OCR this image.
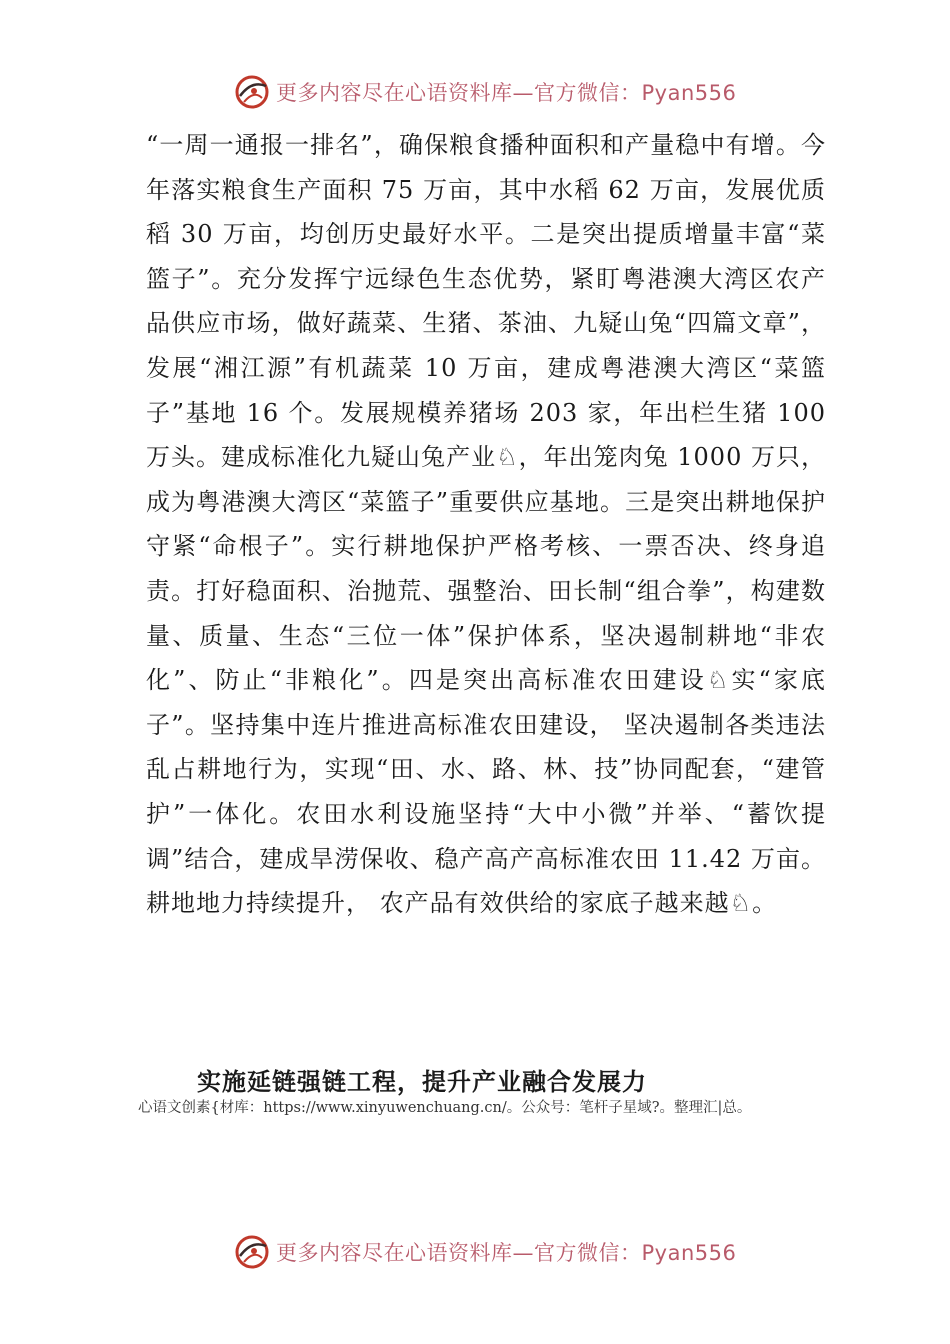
更多内容尽在心语资料库—官方微信：Pyan556

“一周一通报一排名”，确保粮食播种面积和产量稳中有增。今年落实粮食生产面积 75 万亩，其中水稻 62 万亩，发展优质稻 30 万亩，均创历史最好水平。二是突出提质增量丰富“菜篮子”。充分发挥宁远绿色生态优势，紧盯粤港澳大湾区农产品供应市场，做好蔬菜、生猪、茶油、九疑山兔“四篇文章”，发展“湘江源”有机蔬菜 10 万亩，建成粤港澳大湾区“菜篮子”基地 16 个。发展规模养猪场 203 家，年出栏生猪 100 万头。建成标准化九疑山兔产业♘，年出笼肉兔 1000 万只，成为粤港澳大湾区“菜篮子”重要供应基地。三是突出耕地保护守紧“命根子”。实行耕地保护严格考核、一票否决、终身追责。打好稳面积、治抛荒、强整治、田长制“组合拳”，构建数量、质量、生态“三位一体”保护体系，坚决遏制耕地“非农化”、防止“非粮化”。四是突出高标准农田建设♘实“家底子”。坚持集中连片推进高标准农田建设， 坚决遏制各类违法乱占耕地行为，实现“田、水、路、林、技”协同配套，“建管护”一体化。农田水利设施坚持“大中小微”并举、“蓄饮提调”结合，建成旱涝保收、稳产高产高标准农田 11.42 万亩。耕地地力持续提升， 农产品有效供给的家底子越来越♘。

实施延链强链工程，提升产业融合发展力
心语文创素{材库：https://www.xinyuwenchuang.cn/。公众号：笔杆子星域?。整理汇|总。
更多内容尽在心语资料库—官方微信：Pyan556
